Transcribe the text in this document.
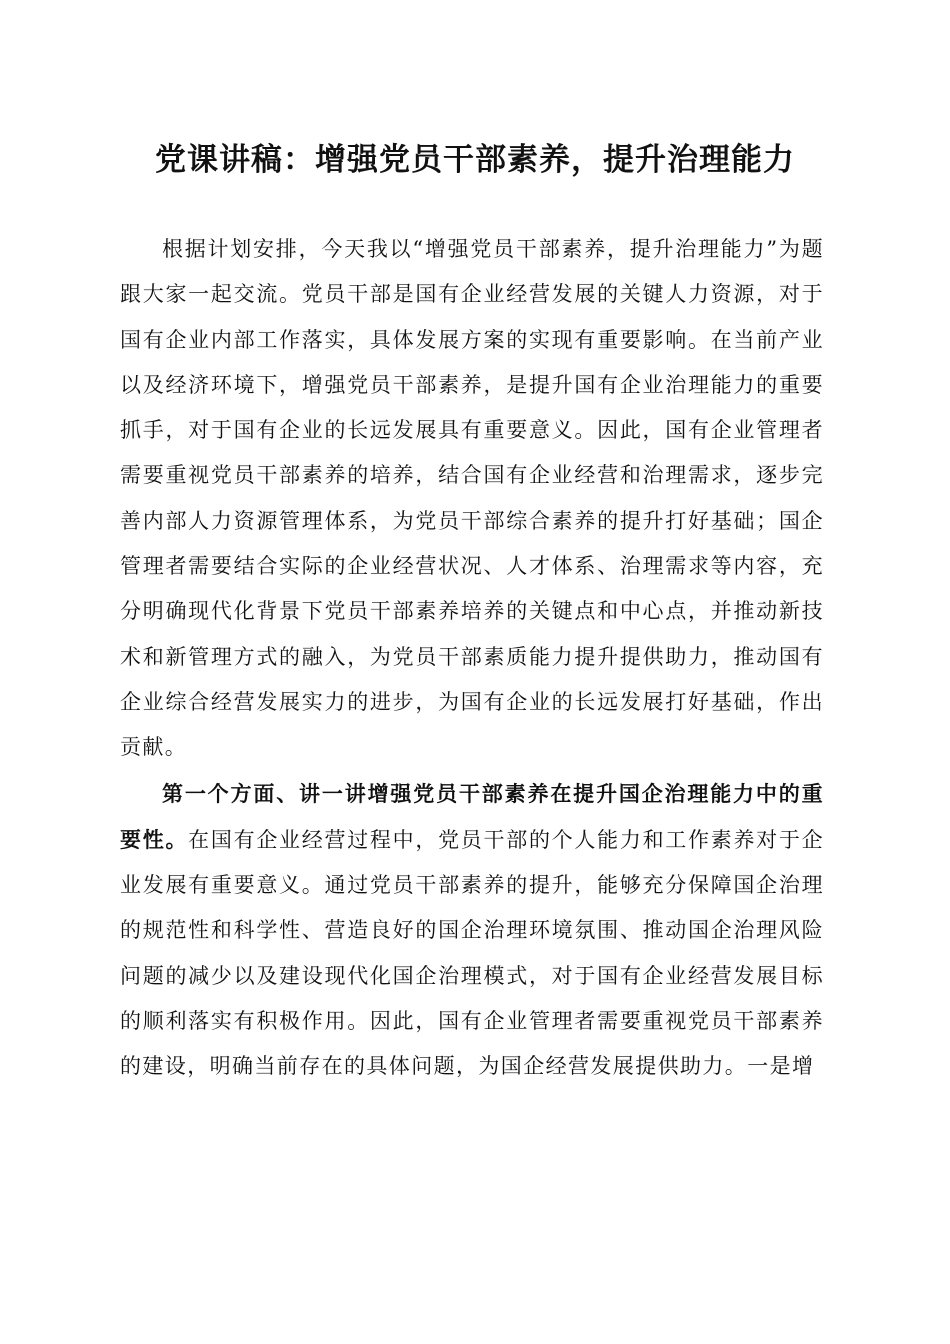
党课讲稿：增强党员干部素养，提升治理能力

根据计划安排，今天我以“增强党员干部素养，提升治理能力”为题跟大家一起交流。党员干部是国有企业经营发展的关键人力资源，对于国有企业内部工作落实，具体发展方案的实现有重要影响。在当前产业以及经济环境下，增强党员干部素养，是提升国有企业治理能力的重要抓手，对于国有企业的长远发展具有重要意义。因此，国有企业管理者需要重视党员干部素养的培养，结合国有企业经营和治理需求，逐步完善内部人力资源管理体系，为党员干部综合素养的提升打好基础；国企管理者需要结合实际的企业经营状况、人才体系、治理需求等内容，充分明确现代化背景下党员干部素养培养的关键点和中心点，并推动新技术和新管理方式的融入，为党员干部素质能力提升提供助力，推动国有企业综合经营发展实力的进步，为国有企业的长远发展打好基础，作出贡献。

第一个方面、讲一讲增强党员干部素养在提升国企治理能力中的重要性。在国有企业经营过程中，党员干部的个人能力和工作素养对于企业发展有重要意义。通过党员干部素养的提升，能够充分保障国企治理的规范性和科学性、营造良好的国企治理环境氛围、推动国企治理风险问题的减少以及建设现代化国企治理模式，对于国有企业经营发展目标的顺利落实有积极作用。因此，国有企业管理者需要重视党员干部素养的建设，明确当前存在的具体问题，为国企经营发展提供助力。一是增
